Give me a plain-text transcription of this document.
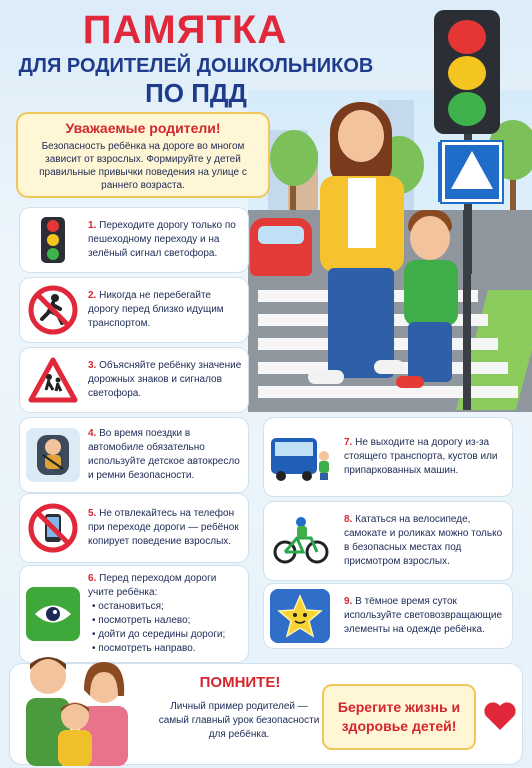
ПАМЯТКА
ДЛЯ РОДИТЕЛЕЙ ДОШКОЛЬНИКОВ
ПО ПДД
Уважаемые родители!

Безопасность ребёнка на дороге во многом зависит от взрослых. Формируйте у детей правильные привычки поведения на улице с раннего возраста.

1. Переходите дорогу только по пешеходному переходу и на зелёный сигнал светофора.
2. Никогда не перебегайте дорогу перед близко идущим транспортом.
3. Объясняйте ребёнку значение дорожных знаков и сигналов светофора.
4. Во время поездки в автомобиле обязательно используйте детское автокресло и ремни безопасности.
5. Не отвлекайтесь на телефон при переходе дороги — ребёнок копирует поведение взрослых.
6. Перед переходом дороги учите ребёнка:
• остановиться;
• посмотреть налево;
• дойти до середины дороги;
• посмотреть направо.
7. Не выходите на дорогу из-за стоящего транспорта, кустов или припаркованных машин.
8. Кататься на велосипеде, самокате и роликах можно только в безопасных местах под присмотром взрослых.
9. В тёмное время суток используйте световозвращающие элементы на одежде ребёнка.
ПОМНИТЕ!
Личный пример родителей — самый главный урок безопасности для ребёнка.
Берегите жизнь и здоровье детей!
